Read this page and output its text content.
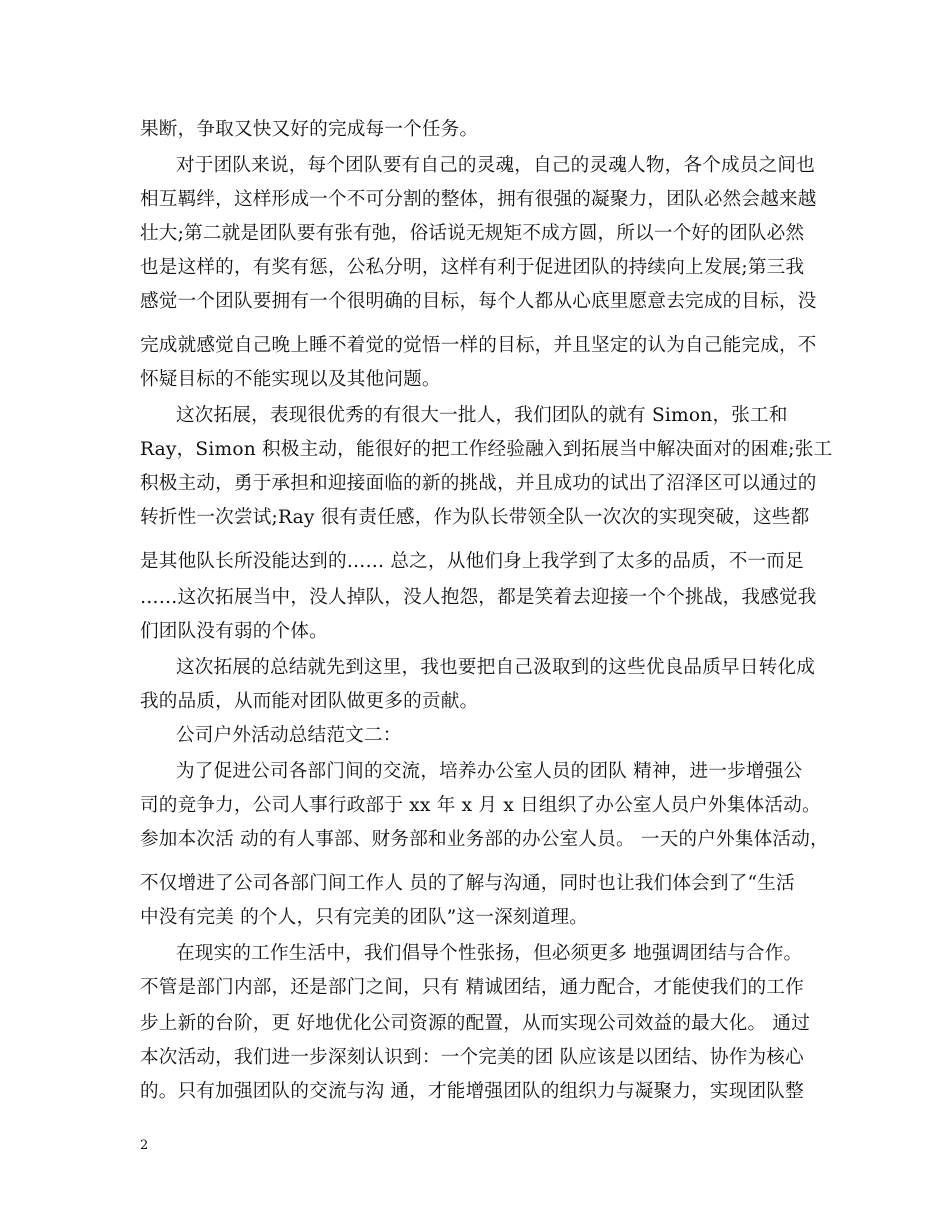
果断，争取又快又好的完成每一个任务。
对于团队来说，每个团队要有自己的灵魂，自己的灵魂人物，各个成员之间也
相互羁绊，这样形成一个不可分割的整体，拥有很强的凝聚力，团队必然会越来越
壮大;第二就是团队要有张有弛，俗话说无规矩不成方圆，所以一个好的团队必然
也是这样的，有奖有惩，公私分明，这样有利于促进团队的持续向上发展;第三我
感觉一个团队要拥有一个很明确的目标，每个人都从心底里愿意去完成的目标，没
完成就感觉自己晚上睡不着觉的觉悟一样的目标，并且坚定的认为自己能完成，不
怀疑目标的不能实现以及其他问题。
这次拓展，表现很优秀的有很大一批人，我们团队的就有 Simon，张工和
Ray，Simon 积极主动，能很好的把工作经验融入到拓展当中解决面对的困难;张工
积极主动，勇于承担和迎接面临的新的挑战，并且成功的试出了沼泽区可以通过的
转折性一次尝试;Ray 很有责任感，作为队长带领全队一次次的实现突破，这些都
是其他队长所没能达到的…… 总之，从他们身上我学到了太多的品质，不一而足
……这次拓展当中，没人掉队，没人抱怨，都是笑着去迎接一个个挑战，我感觉我
们团队没有弱的个体。
这次拓展的总结就先到这里，我也要把自己汲取到的这些优良品质早日转化成
我的品质，从而能对团队做更多的贡献。
公司户外活动总结范文二：
为了促进公司各部门间的交流，培养办公室人员的团队 精神，进一步增强公
司的竞争力，公司人事行政部于 xx 年 x 月 x 日组织了办公室人员户外集体活动。
参加本次活 动的有人事部、财务部和业务部的办公室人员。 一天的户外集体活动，
不仅增进了公司各部门间工作人 员的了解与沟通，同时也让我们体会到了“生活
中没有完美 的个人，只有完美的团队”这一深刻道理。
在现实的工作生活中，我们倡导个性张扬，但必须更多 地强调团结与合作。
不管是部门内部，还是部门之间，只有 精诚团结，通力配合，才能使我们的工作
步上新的台阶，更 好地优化公司资源的配置，从而实现公司效益的最大化。 通过
本次活动，我们进一步深刻认识到：一个完美的团 队应该是以团结、协作为核心
的。只有加强团队的交流与沟 通，才能增强团队的组织力与凝聚力，实现团队整
2
